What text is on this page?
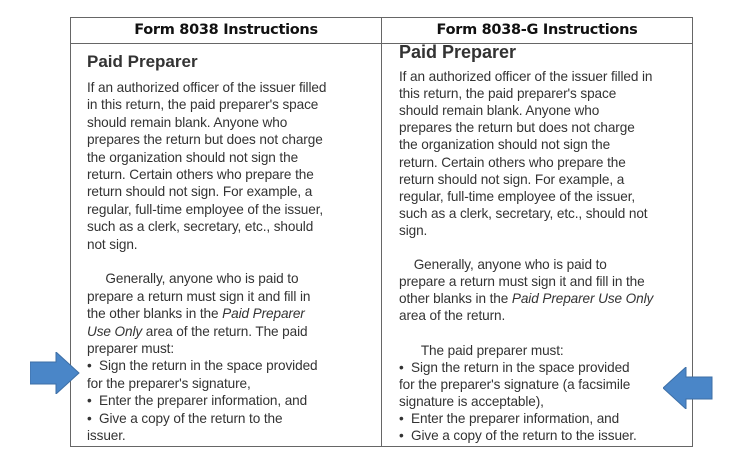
Form 8038 Instructions	Form 8038-G Instructions
Paid Preparer
If an authorized officer of the issuer filled
in this return, the paid preparer's space
should remain blank. Anyone who
prepares the return but does not charge
the organization should not sign the
return. Certain others who prepare the
return should not sign. For example, a
regular, full-time employee of the issuer,
such as a clerk, secretary, etc., should
not sign.
Generally, anyone who is paid to
prepare a return must sign it and fill in
the other blanks in the Paid Preparer
Use Only area of the return. The paid
preparer must:
•  Sign the return in the space provided
for the preparer's signature,
•  Enter the preparer information, and
•  Give a copy of the return to the
issuer.
Paid Preparer
If an authorized officer of the issuer filled in
this return, the paid preparer's space
should remain blank. Anyone who
prepares the return but does not charge
the organization should not sign the
return. Certain others who prepare the
return should not sign. For example, a
regular, full-time employee of the issuer,
such as a clerk, secretary, etc., should not
sign.
Generally, anyone who is paid to
prepare a return must sign it and fill in the
other blanks in the Paid Preparer Use Only
area of the return.
The paid preparer must:
•  Sign the return in the space provided
for the preparer's signature (a facsimile
signature is acceptable),
•  Enter the preparer information, and
•  Give a copy of the return to the issuer.
